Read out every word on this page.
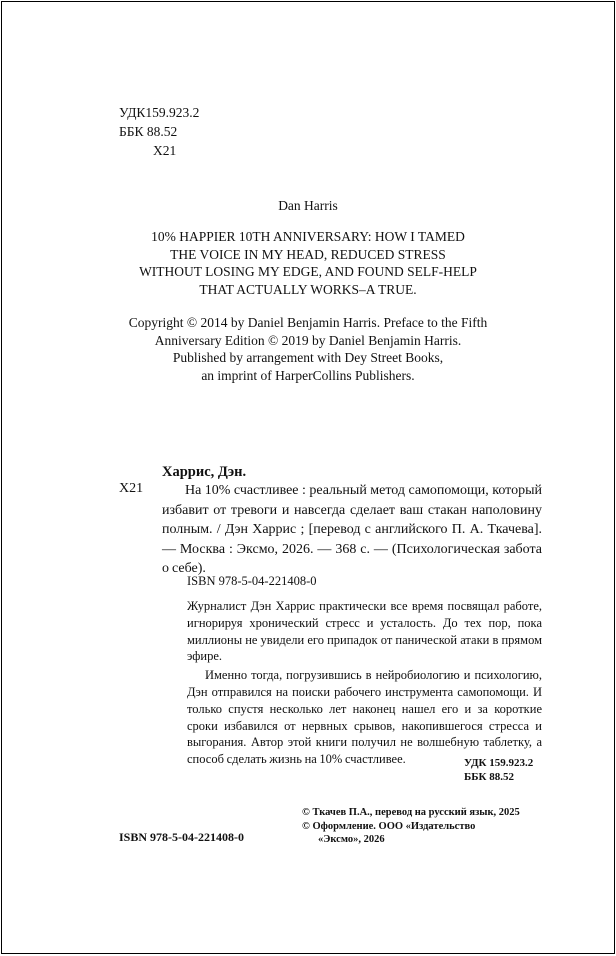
УДК159.923.2
ББК 88.52
Х21
Dan Harris
10% HAPPIER 10TH ANNIVERSARY: HOW I TAMED
THE VOICE IN MY HEAD, REDUCED STRESS
WITHOUT LOSING MY EDGE, AND FOUND SELF-HELP
THAT ACTUALLY WORKS–A TRUE.
Copyright © 2014 by Daniel Benjamin Harris. Preface to the Fifth
Anniversary Edition © 2019 by Daniel Benjamin Harris.
Published by arrangement with Dey Street Books,
an imprint of HarperCollins Publishers.
Харрис, Дэн.
Х21	На 10% счастливее : реальный метод самопомощи, который избавит от тревоги и навсегда сделает ваш стакан наполовину полным. / Дэн Харрис ; [перевод с английского П. А. Ткачева]. — Москва : Эксмо, 2026. — 368 с. — (Психологическая забота о себе).
ISBN 978-5-04-221408-0

Журналист Дэн Харрис практически все время посвящал работе, игнорируя хронический стресс и усталость. До тех пор, пока миллионы не увидели его припадок от панической атаки в прямом эфире.

Именно тогда, погрузившись в нейробиологию и психологию, Дэн отправился на поиски рабочего инструмента самопомощи. И только спустя несколько лет наконец нашел его и за короткие сроки избавился от нервных срывов, накопившегося стресса и выгорания. Автор этой книги получил не волшебную таблетку, а способ сделать жизнь на 10% счастливее.	УДК 159.923.2
ББК 88.52
© Ткачев П.А., перевод на русский язык, 2025
© Оформление. ООО «Издательство
«Эксмо», 2026
ISBN 978-5-04-221408-0
